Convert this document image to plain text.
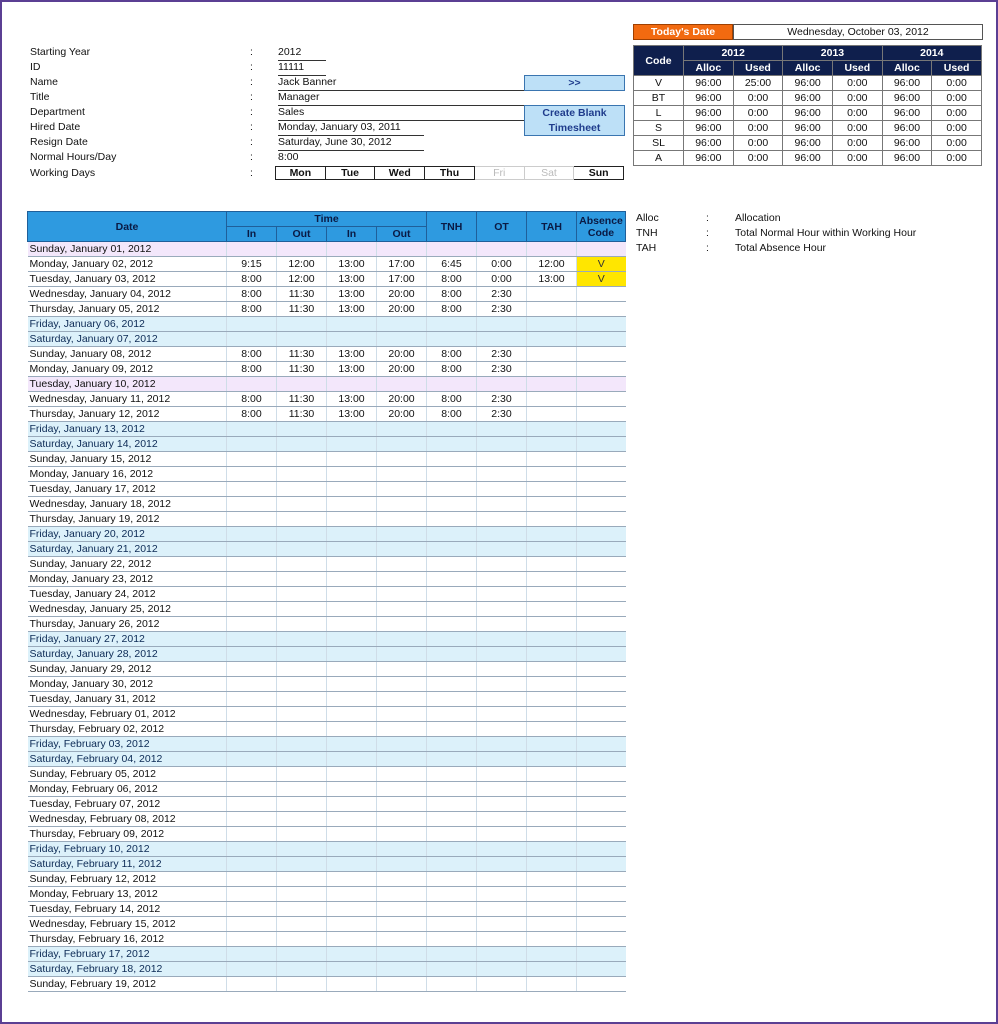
Starting Year	: 2012
ID	: 11111
Name	: Jack Banner	>>
Title	: Manager
Department	: Sales	Create Blank
Timesheet
Hired Date	: Monday, January 03, 2011
Resign Date	: Saturday, June 30, 2012
Normal Hours/Day	: 8:00
Working Days	:	Mon	Tue	Wed	Thu	Fri	Sat	Sun
Today's Date	Wednesday, October 03, 2012
Code	2012		2013		2014	
	Alloc	Used	Alloc	Used	Alloc	Used
V	96:00	25:00	96:00	0:00	96:00	0:00
BT	96:00	0:00	96:00	0:00	96:00	0:00
L	96:00	0:00	96:00	0:00	96:00	0:00
S	96:00	0:00	96:00	0:00	96:00	0:00
SL	96:00	0:00	96:00	0:00	96:00	0:00
A	96:00	0:00	96:00	0:00	96:00	0:00
Alloc	: Allocation
TNH	: Total Normal Hour within Working Hour
TAH	: Total Absence Hour
Date	Time				TNH	OT	TAH	Absence
Code

	In	Out	In	Out				
Sunday, January 01, 2012								
Monday, January 02, 2012	9:15	12:00	13:00	17:00	6:45	0:00	12:00	V
Tuesday, January 03, 2012	8:00	12:00	13:00	17:00	8:00	0:00	13:00	V
Wednesday, January 04, 2012	8:00	11:30	13:00	20:00	8:00	2:30		
Thursday, January 05, 2012	8:00	11:30	13:00	20:00	8:00	2:30		
Friday, January 06, 2012								
Saturday, January 07, 2012								
Sunday, January 08, 2012	8:00	11:30	13:00	20:00	8:00	2:30		
Monday, January 09, 2012	8:00	11:30	13:00	20:00	8:00	2:30		
Tuesday, January 10, 2012								
Wednesday, January 11, 2012	8:00	11:30	13:00	20:00	8:00	2:30		
Thursday, January 12, 2012	8:00	11:30	13:00	20:00	8:00	2:30		
Friday, January 13, 2012								
Saturday, January 14, 2012								
Sunday, January 15, 2012								
Monday, January 16, 2012								
Tuesday, January 17, 2012								
Wednesday, January 18, 2012								
Thursday, January 19, 2012								
Friday, January 20, 2012								
Saturday, January 21, 2012								
Sunday, January 22, 2012								
Monday, January 23, 2012								
Tuesday, January 24, 2012								
Wednesday, January 25, 2012								
Thursday, January 26, 2012								
Friday, January 27, 2012								
Saturday, January 28, 2012								
Sunday, January 29, 2012								
Monday, January 30, 2012								
Tuesday, January 31, 2012								
Wednesday, February 01, 2012								
Thursday, February 02, 2012								
Friday, February 03, 2012								
Saturday, February 04, 2012								
Sunday, February 05, 2012								
Monday, February 06, 2012								
Tuesday, February 07, 2012								
Wednesday, February 08, 2012								
Thursday, February 09, 2012								
Friday, February 10, 2012								
Saturday, February 11, 2012								
Sunday, February 12, 2012								
Monday, February 13, 2012								
Tuesday, February 14, 2012								
Wednesday, February 15, 2012								
Thursday, February 16, 2012								
Friday, February 17, 2012								
Saturday, February 18, 2012								
Sunday, February 19, 2012								
